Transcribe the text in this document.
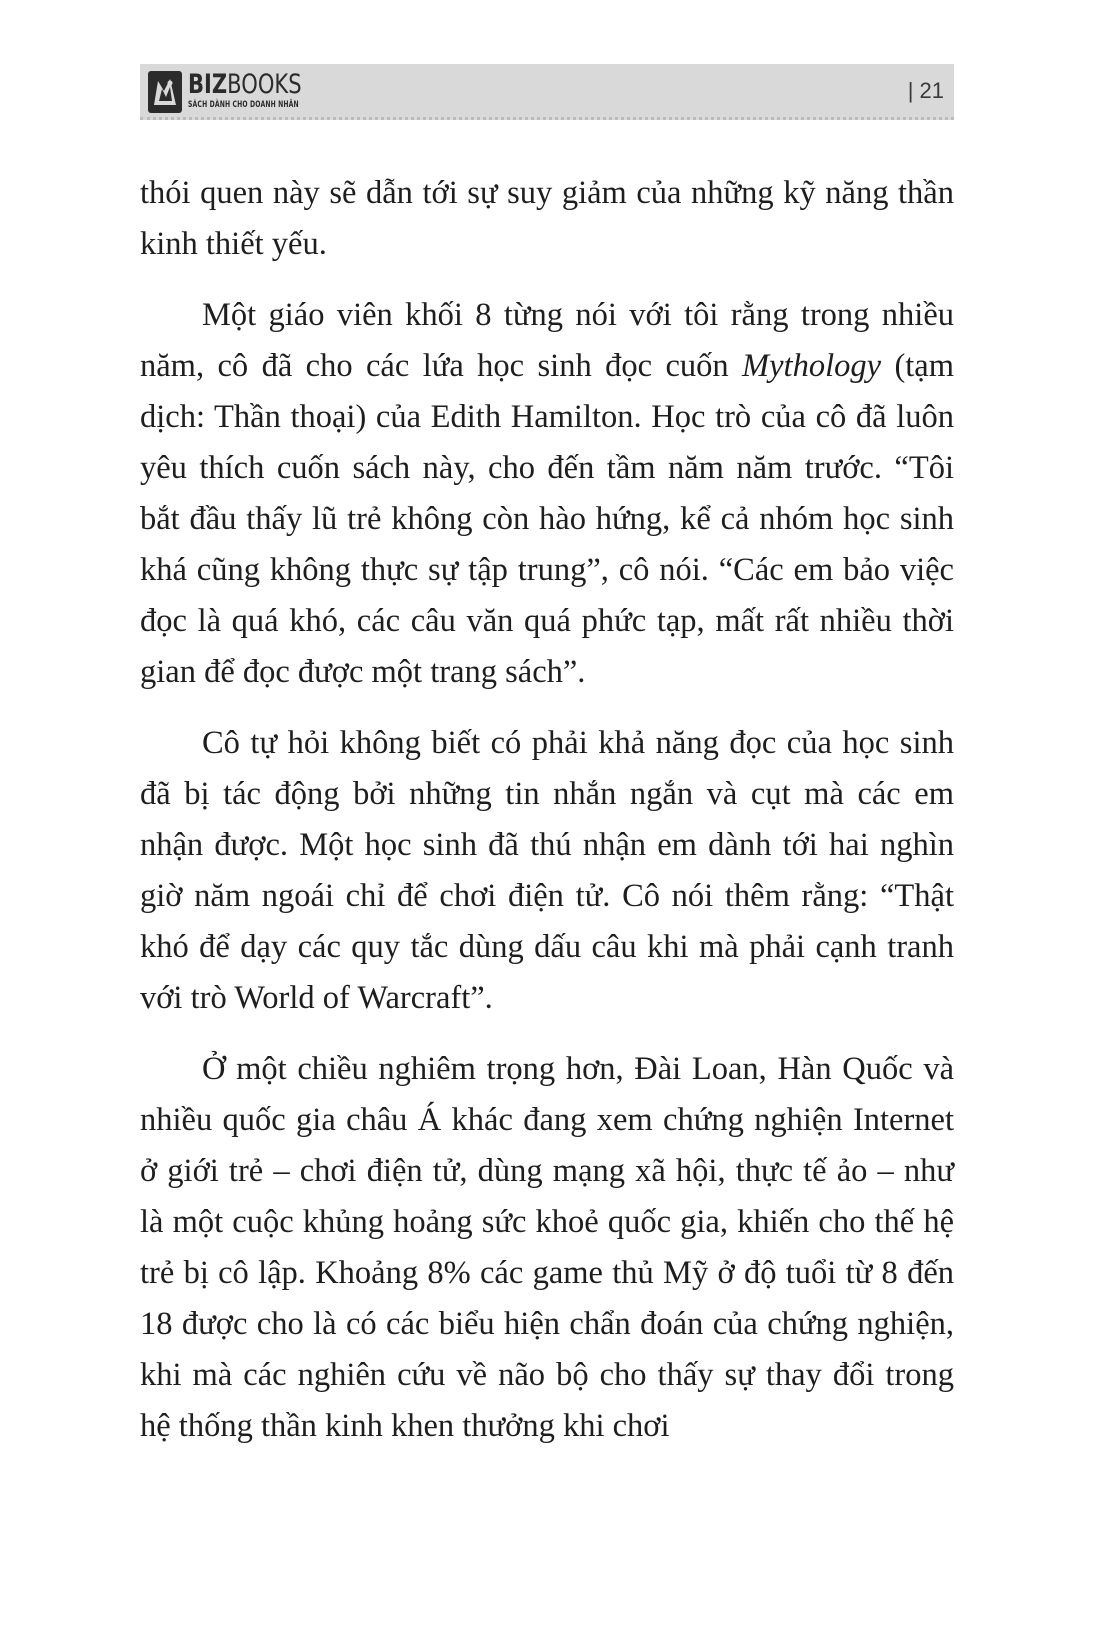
BIZBOOKS
SÁCH DÀNH CHO DOANH NHÂN
| 21

thói quen này sẽ dẫn tới sự suy giảm của những kỹ năng thần kinh thiết yếu.

Một giáo viên khối 8 từng nói với tôi rằng trong nhiều năm, cô đã cho các lứa học sinh đọc cuốn Mythology (tạm dịch: Thần thoại) của Edith Hamilton. Học trò của cô đã luôn yêu thích cuốn sách này, cho đến tầm năm năm trước. “Tôi bắt đầu thấy lũ trẻ không còn hào hứng, kể cả nhóm học sinh khá cũng không thực sự tập trung”, cô nói. “Các em bảo việc đọc là quá khó, các câu văn quá phức tạp, mất rất nhiều thời gian để đọc được một trang sách”.

Cô tự hỏi không biết có phải khả năng đọc của học sinh đã bị tác động bởi những tin nhắn ngắn và cụt mà các em nhận được. Một học sinh đã thú nhận em dành tới hai nghìn giờ năm ngoái chỉ để chơi điện tử. Cô nói thêm rằng: “Thật khó để dạy các quy tắc dùng dấu câu khi mà phải cạnh tranh với trò World of Warcraft”.

Ở một chiều nghiêm trọng hơn, Đài Loan, Hàn Quốc và nhiều quốc gia châu Á khác đang xem chứng nghiện Internet ở giới trẻ – chơi điện tử, dùng mạng xã hội, thực tế ảo – như là một cuộc khủng hoảng sức khoẻ quốc gia, khiến cho thế hệ trẻ bị cô lập. Khoảng 8% các game thủ Mỹ ở độ tuổi từ 8 đến 18 được cho là có các biểu hiện chẩn đoán của chứng nghiện, khi mà các nghiên cứu về não bộ cho thấy sự thay đổi trong hệ thống thần kinh khen thưởng khi chơi
